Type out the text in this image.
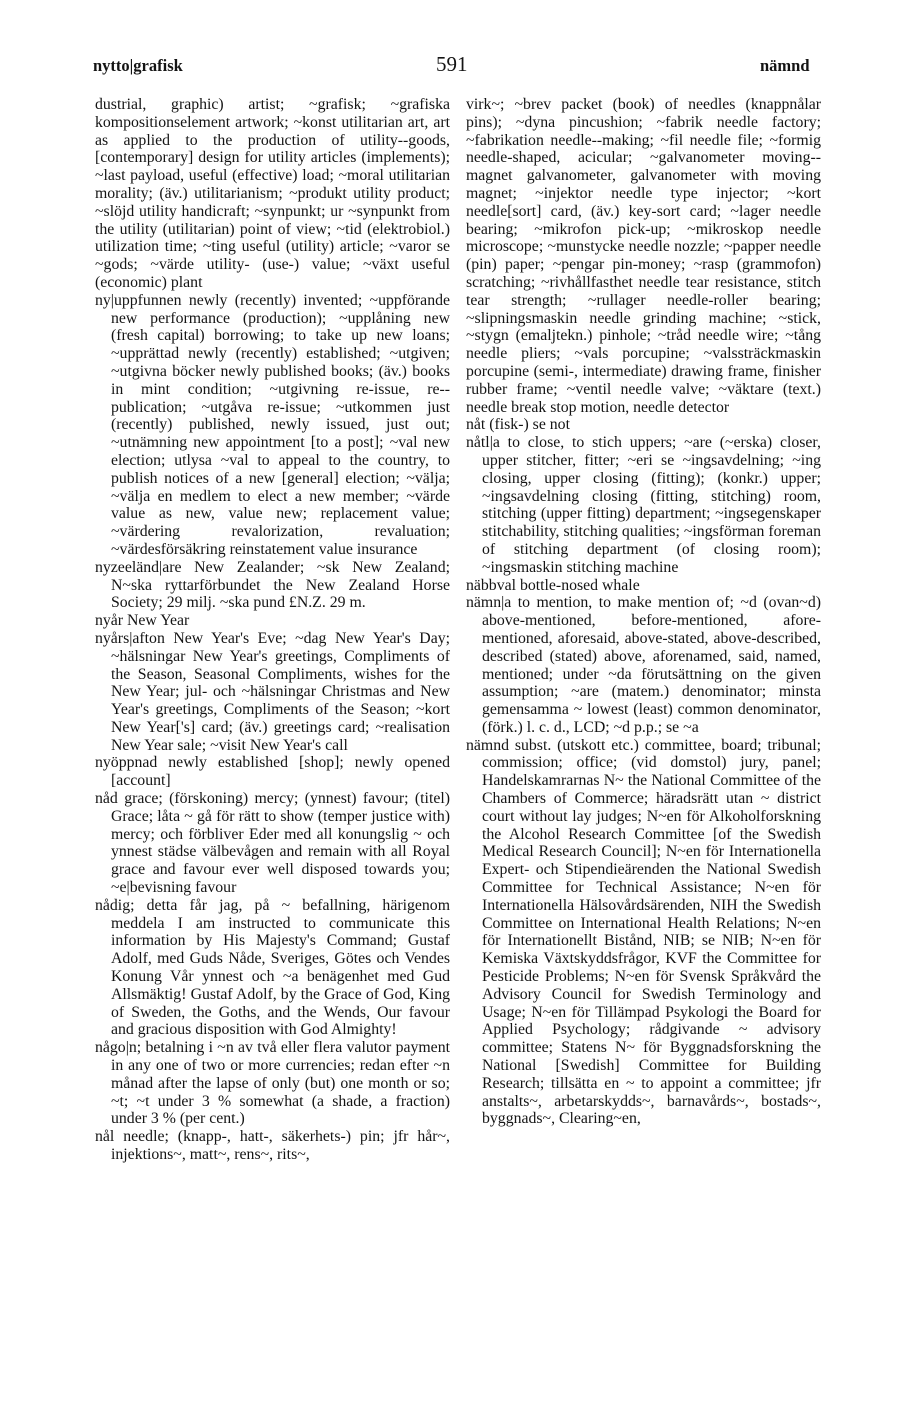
nytto|grafisk	591	nämnd

dustrial, graphic) artist; ~grafisk; ~grafiska kompositionselement artwork; ~konst utilitarian art, art as applied to the production of utility--goods, [contemporary] design for utility articles (implements); ~last payload, useful (effective) load; ~moral utilitarian morality; (äv.) utilitarianism; ~produkt utility product; ~slöjd utility handicraft; ~synpunkt; ur ~synpunkt from the utility (utilitarian) point of view; ~tid (elektrobiol.) utilization time; ~ting useful (utility) article; ~varor se ~gods; ~värde utility- (use-) value; ~växt useful (economic) plant

ny|uppfunnen newly (recently) invented; ~uppförande new performance (production); ~upplåning new (fresh capital) borrowing; to take up new loans; ~upprättad newly (recently) established; ~utgiven; ~utgivna böcker newly published books; (äv.) books in mint condition; ~utgivning re-issue, re--publication; ~utgåva re-issue; ~utkommen just (recently) published, newly issued, just out; ~utnämning new appointment [to a post]; ~val new election; utlysa ~val to appeal to the country, to publish notices of a new [general] election; ~välja; ~välja en medlem to elect a new member; ~värde value as new, value new; replacement value; ~värdering revalorization, revaluation; ~värdesförsäkring reinstatement value insurance

nyzeeländ|are New Zealander; ~sk New Zealand; N~ska ryttarförbundet the New Zealand Horse Society; 29 milj. ~ska pund £N.Z. 29 m.

nyår New Year

nyårs|afton New Year's Eve; ~dag New Year's Day; ~hälsningar New Year's greetings, Compliments of the Season, Seasonal Compliments, wishes for the New Year; jul- och ~hälsningar Christmas and New Year's greetings, Compliments of the Season; ~kort New Year['s] card; (äv.) greetings card; ~realisation New Year sale; ~visit New Year's call

nyöppnad newly established [shop]; newly opened [account]

nåd grace; (förskoning) mercy; (ynnest) favour; (titel) Grace; låta ~ gå för rätt to show (temper justice with) mercy; och förbliver Eder med all konungslig ~ och ynnest städse välbevågen and remain with all Royal grace and favour ever well disposed towards you; ~e|bevisning favour

nådig; detta får jag, på ~ befallning, härigenom meddela I am instructed to communicate this information by His Majesty's Command; Gustaf Adolf, med Guds Nåde, Sveriges, Götes och Vendes Konung Vår ynnest och ~a benägenhet med Gud Allsmäktig! Gustaf Adolf, by the Grace of God, King of Sweden, the Goths, and the Wends, Our favour and gracious disposition with God Almighty!

någo|n; betalning i ~n av två eller flera valutor payment in any one of two or more currencies; redan efter ~n månad after the lapse of only (but) one month or so; ~t; ~t under 3 % somewhat (a shade, a fraction) under 3 % (per cent.)

nål needle; (knapp-, hatt-, säkerhets-) pin; jfr hår~, injektions~, matt~, rens~, rits~,

virk~; ~brev packet (book) of needles (knappnålar pins); ~dyna pincushion; ~fabrik needle factory; ~fabrikation needle--making; ~fil needle file; ~formig needle-shaped, acicular; ~galvanometer moving--magnet galvanometer, galvanometer with moving magnet; ~injektor needle type injector; ~kort needle[sort] card, (äv.) key-sort card; ~lager needle bearing; ~mikrofon pick-up; ~mikroskop needle microscope; ~munstycke needle nozzle; ~papper needle (pin) paper; ~pengar pin-money; ~rasp (grammofon) scratching; ~rivhållfasthet needle tear resistance, stitch tear strength; ~rullager needle-roller bearing; ~slipningsmaskin needle grinding machine; ~stick, ~stygn (emaljtekn.) pinhole; ~tråd needle wire; ~tång needle pliers; ~vals porcupine; ~valssträckmaskin porcupine (semi-, intermediate) drawing frame, finisher rubber frame; ~ventil needle valve; ~väktare (text.) needle break stop motion, needle detector

nåt (fisk-) se not

nåtl|a to close, to stich uppers; ~are (~erska) closer, upper stitcher, fitter; ~eri se ~ingsavdelning; ~ing closing, upper closing (fitting); (konkr.) upper; ~ingsavdelning closing (fitting, stitching) room, stitching (upper fitting) department; ~ingsegenskaper stitchability, stitching qualities; ~ingsförman foreman of stitching department (of closing room); ~ingsmaskin stitching machine

näbbval bottle-nosed whale

nämn|a to mention, to make mention of; ~d (ovan~d) above-mentioned, before-mentioned, afore-mentioned, aforesaid, above-stated, above-described, described (stated) above, aforenamed, said, named, mentioned; under ~da förutsättning on the given assumption; ~are (matem.) denominator; minsta gemensamma ~ lowest (least) common denominator, (förk.) l. c. d., LCD; ~d p.p.; se ~a

nämnd subst. (utskott etc.) committee, board; tribunal; commission; office; (vid domstol) jury, panel; Handelskamrarnas N~ the National Committee of the Chambers of Commerce; häradsrätt utan ~ district court without lay judges; N~en för Alkoholforskning the Alcohol Research Committee [of the Swedish Medical Research Council]; N~en för Internationella Expert- och Stipendieärenden the National Swedish Committee for Technical Assistance; N~en för Internationella Hälsovårdsärenden, NIH the Swedish Committee on International Health Relations; N~en för Internationellt Bistånd, NIB; se NIB; N~en för Kemiska Växtskyddsfrågor, KVF the Committee for Pesticide Problems; N~en för Svensk Språkvård the Advisory Council for Swedish Terminology and Usage; N~en för Tillämpad Psykologi the Board for Applied Psychology; rådgivande ~ advisory committee; Statens N~ för Byggnadsforskning the National [Swedish] Committee for Building Research; tillsätta en ~ to appoint a committee; jfr anstalts~, arbetarskydds~, barnavårds~, bostads~, byggnads~, Clearing~en,
